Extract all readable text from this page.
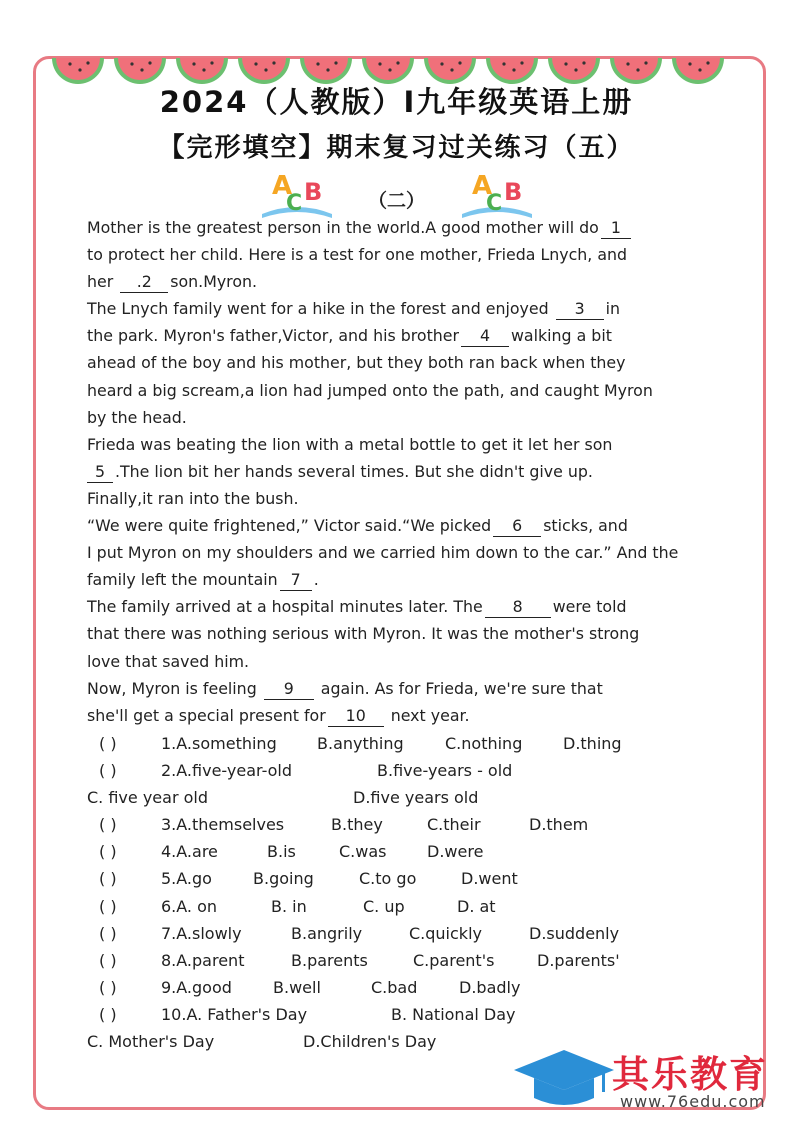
2024（人教版）Ⅰ九年级英语上册
【完形填空】期末复习过关练习（五）
A
C B	A
C B
（二）

Mother is the greatest person in the world.A good mother will do 1

to protect her child. Here is a test for one mother, Frieda Lnych, and

her .2 son.Myron.

The Lnych family went for a hike in the forest and enjoyed 3 in

the park. Myron's father,Victor, and his brother 4 walking a bit

ahead of the boy and his mother, but they both ran back when they

heard a big scream,a lion had jumped onto the path, and caught Myron

by the head.

Frieda was beating the lion with a metal bottle to get it let her son

5 .The lion bit her hands several times. But she didn't give up.

Finally,it ran into the bush.

“We were quite frightened,” Victor said.“We picked 6 sticks, and

I put Myron on my shoulders and we carried him down to the car.” And the

family left the mountain 7 .

The family arrived at a hospital minutes later. The 8 were told

that there was nothing serious with Myron. It was the mother's strong

love that saved him.

Now, Myron is feeling 9 again. As for Frieda, we're sure that

she'll get a special present for 10 next year.

( )	1.A.something	B.anything	C.nothing	D.thing
( )	2.A.five-year-old	B.five-years - old
C. five year old	D.five years old
( )	3.A.themselves	B.they	C.their	D.them
( )	4.A.are	B.is	C.was	D.were
( )	5.A.go	B.going	C.to go	D.went
( )	6.A. on	B. in	C. up	D. at
( )	7.A.slowly	B.angrily	C.quickly	D.suddenly
( )	8.A.parent	B.parents	C.parent's	D.parents'
( )	9.A.good	B.well	C.bad	D.badly
( )	10.A. Father's Day	B. National Day
C. Mother's Day	D.Children's Day
其乐教育
www.76edu.com
